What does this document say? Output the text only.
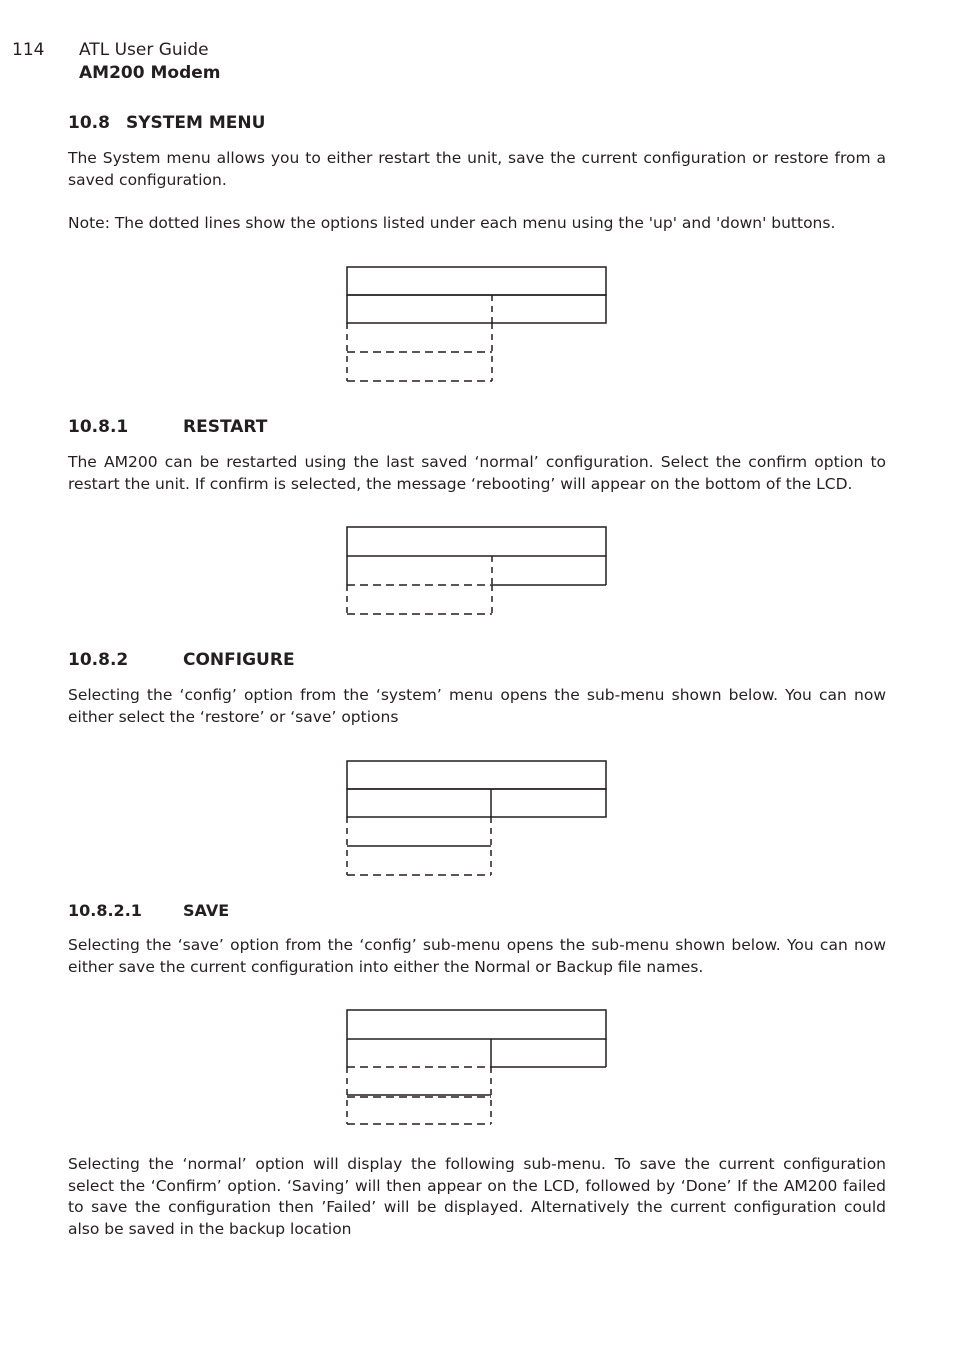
114 ATL User Guide
AM200 Modem
10.8 SYSTEM MENU

The System menu allows you to either restart the unit, save the current configuration or restore from a saved configuration.

Note: The dotted lines show the options listed under each menu using the 'up' and 'down' buttons.

10.8.1	RESTART

The AM200 can be restarted using the last saved ‘normal’ configuration. Select the confirm option to restart the unit. If confirm is selected, the message ‘rebooting’ will appear on the bottom of the LCD.

10.8.2	CONFIGURE

Selecting the ‘config’ option from the ‘system’ menu opens the sub-menu shown below. You can now either select the ‘restore’ or ‘save’ options

10.8.2.1	SAVE

Selecting the ‘save’ option from the ‘config’ sub-menu opens the sub-menu shown below. You can now either save the current configuration into either the Normal or Backup file names.

Selecting the ‘normal’ option will display the following sub-menu. To save the current configuration select the ‘Confirm’ option. ‘Saving’ will then appear on the LCD, followed by ‘Done’ If the AM200 failed to save the configuration then ’Failed’ will be displayed. Alternatively the current configuration could also be saved in the backup location
